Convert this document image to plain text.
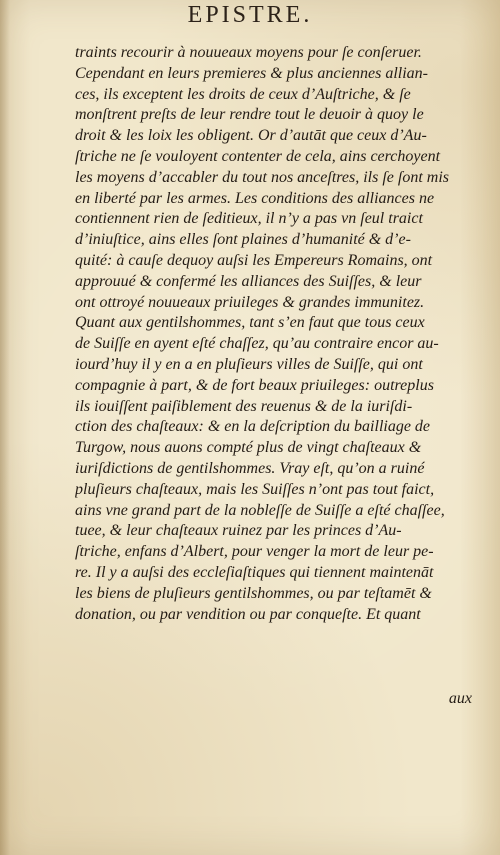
EPISTRE.
traints recourir à nouueaux moyens pour ſe conſeruer.
Cependant en leurs premieres & plus anciennes allian-
ces, ils exceptent les droits de ceux d’Auſtriche, & ſe
monſtrent preſts de leur rendre tout le deuoir à quoy le
droit & les loix les obligent. Or d’autāt que ceux d’Au-
ſtriche ne ſe vouloyent contenter de cela, ains cerchoyent
les moyens d’accabler du tout nos anceſtres, ils ſe ſont mis
en liberté par les armes. Les conditions des alliances ne
contiennent rien de ſeditieux, il n’y a pas vn ſeul traict
d’iniuſtice, ains elles ſont plaines d’humanité & d’e-
quité: à cauſe dequoy auſsi les Empereurs Romains, ont
approuué & confermé les alliances des Suiſſes, & leur
ont ottroyé nouueaux priuileges & grandes immunitez.
Quant aux gentilshommes, tant s’en faut que tous ceux
de Suiſſe en ayent eſté chaſſez, qu’au contraire encor au-
iourd’huy il y en a en pluſieurs villes de Suiſſe, qui ont
compagnie à part, & de fort beaux priuileges: outreplus
ils iouiſſent paiſiblement des reuenus & de la iuriſdi-
ction des chaſteaux: & en la deſcription du bailliage de
Turgow, nous auons compté plus de vingt chaſteaux &
iuriſdictions de gentilshommes. Vray eſt, qu’on a ruiné
pluſieurs chaſteaux, mais les Suiſſes n’ont pas tout faict,
ains vne grand part de la nobleſſe de Suiſſe a eſté chaſſee,
tuee, & leur chaſteaux ruinez par les princes d’Au-
ſtriche, enfans d’Albert, pour venger la mort de leur pe-
re. Il y a auſsi des eccleſiaſtiques qui tiennent maintenāt
les biens de pluſieurs gentilshommes, ou par teſtamēt &
donation, ou par vendition ou par conqueſte. Et quant
aux
